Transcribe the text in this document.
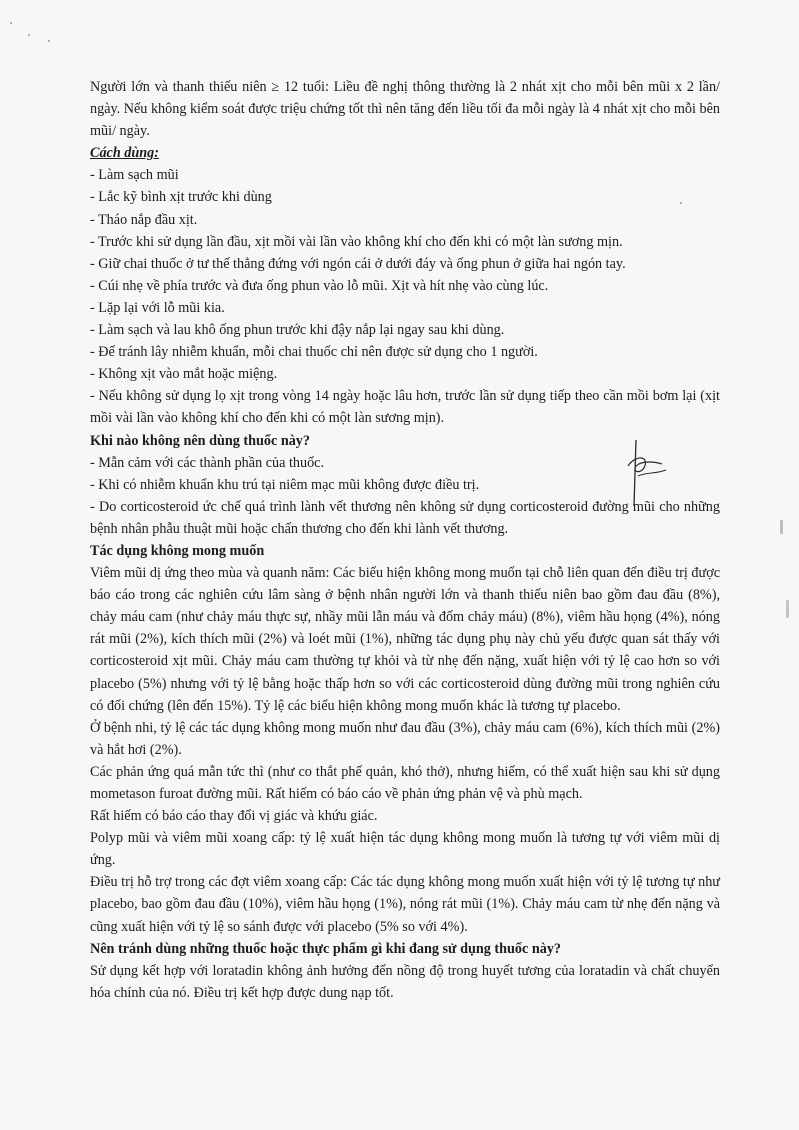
Người lớn và thanh thiếu niên ≥ 12 tuổi: Liều đề nghị thông thường là 2 nhát xịt cho mỗi bên mũi x 2 lần/ ngày. Nếu không kiểm soát được triệu chứng tốt thì nên tăng đến liều tối đa mỗi ngày là 4 nhát xịt cho mỗi bên mũi/ ngày.

Cách dùng:

- Làm sạch mũi

- Lắc kỹ bình xịt trước khi dùng

- Tháo nắp đầu xịt.

- Trước khi sử dụng lần đầu, xịt mồi vài lần vào không khí cho đến khi có một làn sương mịn.

- Giữ chai thuốc ở tư thế thẳng đứng với ngón cái ở dưới đáy và ống phun ở giữa hai ngón tay.

- Cúi nhẹ về phía trước và đưa ống phun vào lỗ mũi. Xịt và hít nhẹ vào cùng lúc.

- Lặp lại với lỗ mũi kia.

- Làm sạch và lau khô ống phun trước khi đậy nắp lại ngay sau khi dùng.

- Để tránh lây nhiễm khuẩn, mỗi chai thuốc chỉ nên được sử dụng cho 1 người.

- Không xịt vào mắt hoặc miệng.

- Nếu không sử dụng lọ xịt trong vòng 14 ngày hoặc lâu hơn, trước lần sử dụng tiếp theo cần mồi bơm lại (xịt mồi vài lần vào không khí cho đến khi có một làn sương mịn).

Khi nào không nên dùng thuốc này?

- Mẫn cảm với các thành phần của thuốc.

- Khi có nhiễm khuẩn khu trú tại niêm mạc mũi không được điều trị.

- Do corticosteroid ức chế quá trình lành vết thương nên không sử dụng corticosteroid đường mũi cho những bệnh nhân phẫu thuật mũi hoặc chấn thương cho đến khi lành vết thương.

Tác dụng không mong muốn

Viêm mũi dị ứng theo mùa và quanh năm: Các biểu hiện không mong muốn tại chỗ liên quan đến điều trị được báo cáo trong các nghiên cứu lâm sàng ở bệnh nhân người lớn và thanh thiếu niên bao gồm đau đầu (8%), chảy máu cam (như chảy máu thực sự, nhầy mũi lẫn máu và đốm chảy máu) (8%), viêm hầu họng (4%), nóng rát mũi (2%), kích thích mũi (2%) và loét mũi (1%), những tác dụng phụ này chủ yếu được quan sát thấy với corticosteroid xịt mũi. Chảy máu cam thường tự khỏi và từ nhẹ đến nặng, xuất hiện với tỷ lệ cao hơn so với placebo (5%) nhưng với tỷ lệ bằng hoặc thấp hơn so với các corticosteroid dùng đường mũi trong nghiên cứu có đối chứng (lên đến 15%). Tỷ lệ các biểu hiện không mong muốn khác là tương tự placebo.

Ở bệnh nhi, tỷ lệ các tác dụng không mong muốn như đau đầu (3%), chảy máu cam (6%), kích thích mũi (2%) và hắt hơi (2%).

Các phản ứng quá mẫn tức thì (như co thắt phế quản, khó thở), nhưng hiếm, có thể xuất hiện sau khi sử dụng mometason furoat đường mũi. Rất hiếm có báo cáo về phản ứng phản vệ và phù mạch.

Rất hiếm có báo cáo thay đổi vị giác và khứu giác.

Polyp mũi và viêm mũi xoang cấp: tỷ lệ xuất hiện tác dụng không mong muốn là tương tự với viêm mũi dị ứng.

Điều trị hỗ trợ trong các đợt viêm xoang cấp: Các tác dụng không mong muốn xuất hiện với tỷ lệ tương tự như placebo, bao gồm đau đầu (10%), viêm hầu họng (1%), nóng rát mũi (1%). Chảy máu cam từ nhẹ đến nặng và cũng xuất hiện với tỷ lệ so sánh được với placebo (5% so với 4%).

Nên tránh dùng những thuốc hoặc thực phẩm gì khi đang sử dụng thuốc này?

Sử dụng kết hợp với loratadin không ảnh hưởng đến nồng độ trong huyết tương của loratadin và chất chuyển hóa chính của nó. Điều trị kết hợp được dung nạp tốt.
